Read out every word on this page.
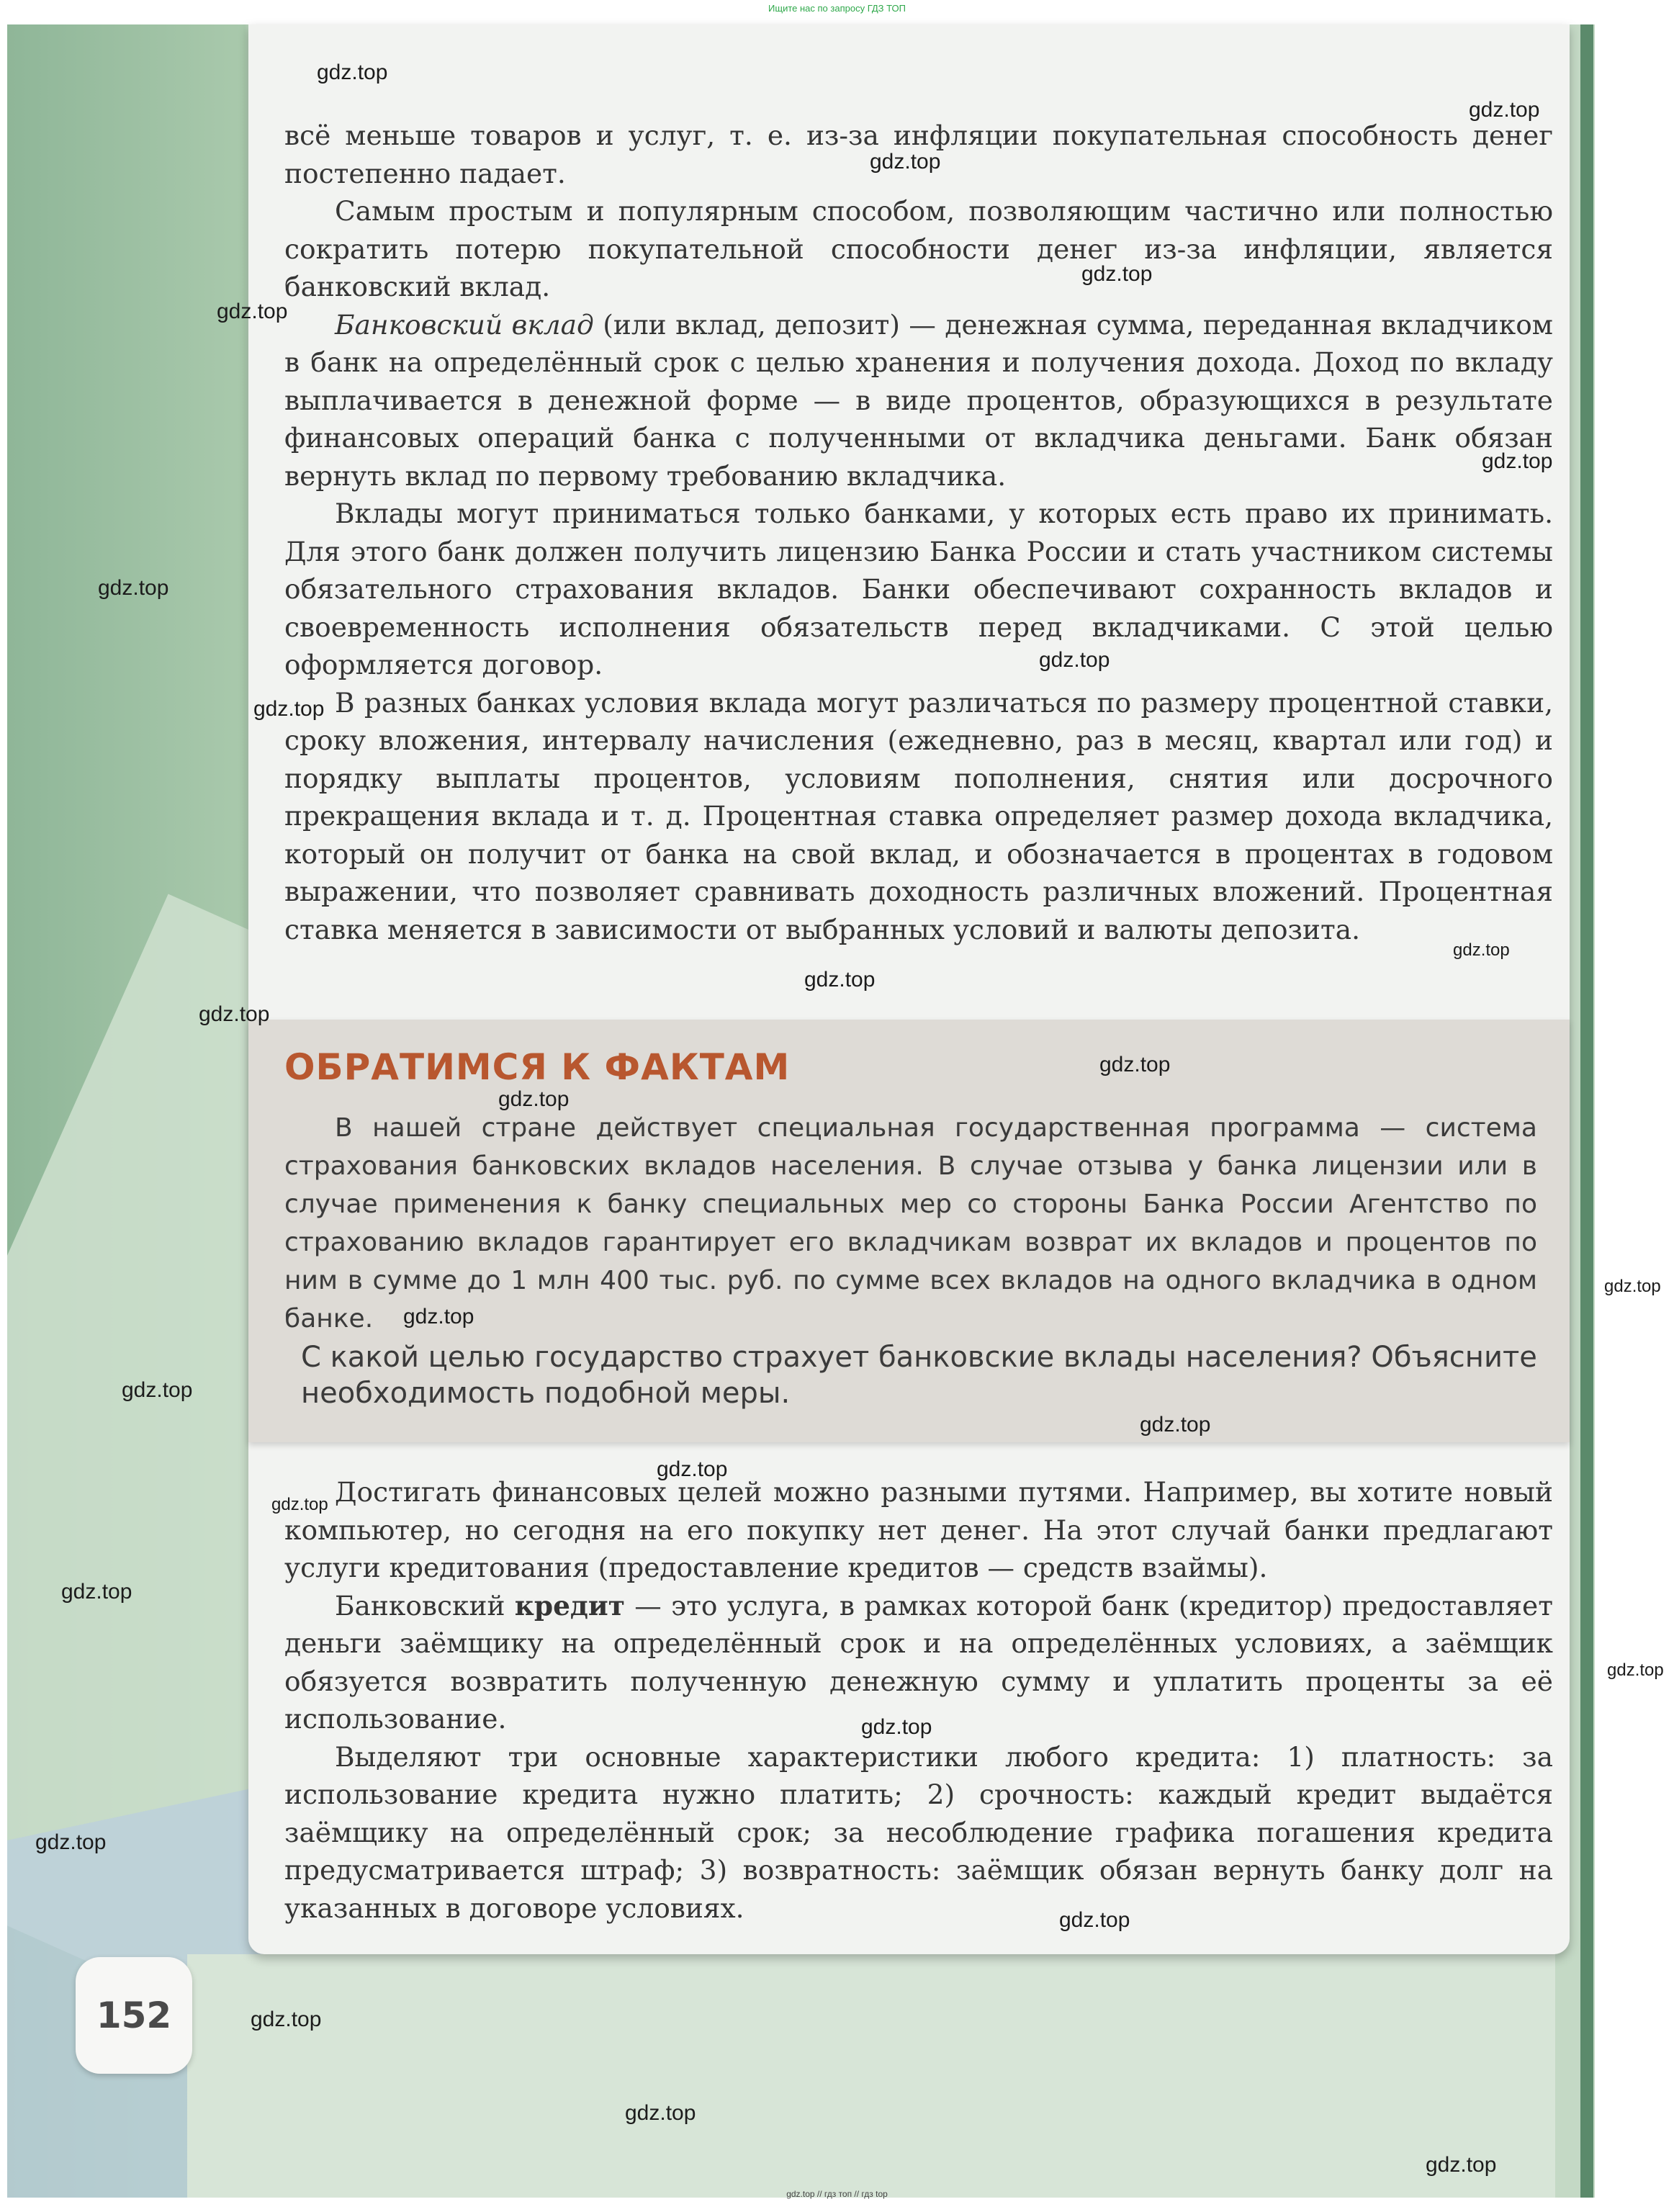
Ищите нас по запросу ГДЗ ТОП

всё меньше товаров и услуг, т. е. из-за инфляции покупательная способность денег постепенно падает.

Самым простым и популярным способом, позволяющим частично или полностью сократить потерю покупательной способности денег из-за инфляции, является банковский вклад.

Банковский вклад (или вклад, депозит) — денежная сумма, переданная вкладчиком в банк на определённый срок с целью хранения и получения дохода. Доход по вкладу выплачивается в денежной форме — в виде процентов, образующихся в результате финансовых операций банка с полученными от вкладчика деньгами. Банк обязан вернуть вклад по первому требованию вкладчика.

Вклады могут приниматься только банками, у которых есть право их принимать. Для этого банк должен получить лицензию Банка России и стать участником системы обязательного страхования вкладов. Банки обеспечивают сохранность вкладов и своевременность исполнения обязательств перед вкладчиками. С этой целью оформляется договор.

В разных банках условия вклада могут различаться по размеру процентной ставки, сроку вложения, интервалу начисления (ежедневно, раз в месяц, квартал или год) и порядку выплаты процентов, условиям пополнения, снятия или досрочного прекращения вклада и т. д. Процентная ставка определяет размер дохода вкладчика, который он получит от банка на свой вклад, и обозначается в процентах в годовом выражении, что позволяет сравнивать доходность различных вложений. Процентная ставка меняется в зависимости от выбранных условий и валюты депозита.

ОБРАТИМСЯ К ФАКТАМ

В нашей стране действует специальная государственная программа — система страхования банковских вкладов населения. В случае отзыва у банка лицензии или в случае применения к банку специальных мер со стороны Банка России Агентство по страхованию вкладов гарантирует его вкладчикам возврат их вкладов и процентов по ним в сумме до 1 млн 400 тыс. руб. по сумме всех вкладов на одного вкладчика в одном банке.

С какой целью государство страхует банковские вклады населения? Объясните необходимость подобной меры.

Достигать финансовых целей можно разными путями. Например, вы хотите новый компьютер, но сегодня на его покупку нет денег. На этот случай банки предлагают услуги кредитования (предоставление кредитов — средств взаймы).

Банковский кредит — это услуга, в рамках которой банк (кредитор) предоставляет деньги заёмщику на определённый срок и на определённых условиях, а заёмщик обязуется возвратить полученную денежную сумму и уплатить проценты за её использование.

Выделяют три основные характеристики любого кредита: 1) платность: за использование кредита нужно платить; 2) срочность: каждый кредит выдаётся заёмщику на определённый срок; за несоблюдение графика погашения кредита предусматривается штраф; 3) возвратность: заёмщик обязан вернуть банку долг на указанных в договоре условиях.

152
gdz.top
gdz.top
gdz.top
gdz.top
gdz.top
gdz.top
gdz.top
gdz.top
gdz.top
gdz.top
gdz.top
gdz.top
gdz.top
gdz.top
gdz.top
gdz.top
gdz.top
gdz.top
gdz.top
gdz.top
gdz.top
gdz.top
gdz.top
gdz.top
gdz.top
gdz.top
gdz.top
gdz.top
gdz.top // гдз топ // гдз top
